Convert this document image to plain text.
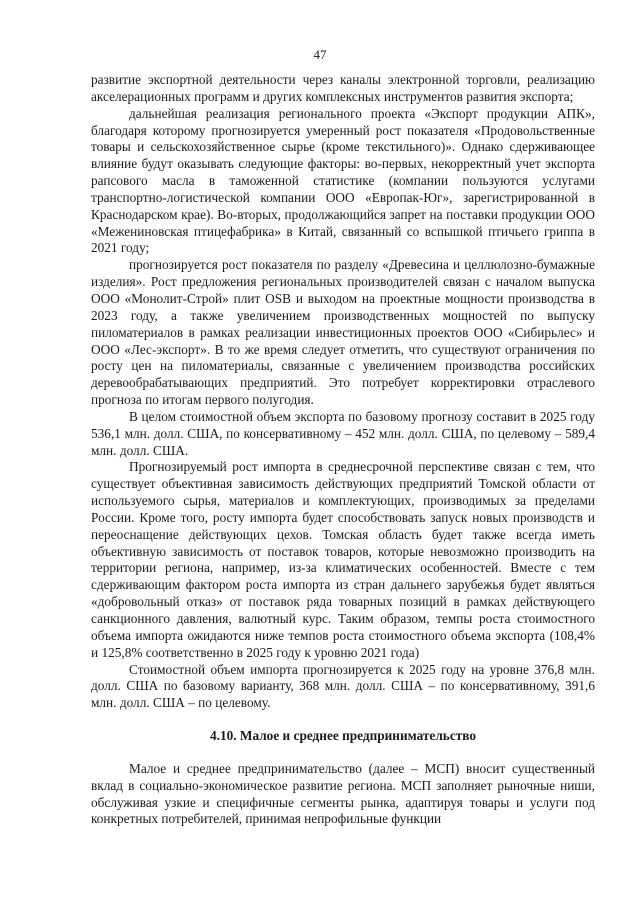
47

развитие экспортной деятельности через каналы электронной торговли, реализацию акселерационных программ и других комплексных инструментов развития экспорта;

дальнейшая реализация регионального проекта «Экспорт продукции АПК», благодаря которому прогнозируется умеренный рост показателя «Продовольственные товары и сельскохозяйственное сырье (кроме текстильного)». Однако сдерживающее влияние будут оказывать следующие факторы: во-первых, некорректный учет экспорта рапсового масла в таможенной статистике (компании пользуются услугами транспортно-логистической компании ООО «Европак-Юг», зарегистрированной в Краснодарском крае). Во-вторых, продолжающийся запрет на поставки продукции ООО «Межениновская птицефабрика» в Китай, связанный со вспышкой птичьего гриппа в 2021 году;

прогнозируется рост показателя по разделу «Древесина и целлюлозно-бумажные изделия». Рост предложения региональных производителей связан с началом выпуска ООО «Монолит-Строй» плит OSB и выходом на проектные мощности производства в 2023 году, а также увеличением производственных мощностей по выпуску пиломатериалов в рамках реализации инвестиционных проектов ООО «Сибирьлес» и ООО «Лес-экспорт». В то же время следует отметить, что существуют ограничения по росту цен на пиломатериалы, связанные с увеличением производства российских деревообрабатывающих предприятий. Это потребует корректировки отраслевого прогноза по итогам первого полугодия.

В целом стоимостной объем экспорта по базовому прогнозу составит в 2025 году 536,1 млн. долл. США, по консервативному – 452 млн. долл. США, по целевому – 589,4 млн. долл. США.

Прогнозируемый рост импорта в среднесрочной перспективе связан с тем, что существует объективная зависимость действующих предприятий Томской области от используемого сырья, материалов и комплектующих, производимых за пределами России. Кроме того, росту импорта будет способствовать запуск новых производств и переоснащение действующих цехов. Томская область будет также всегда иметь объективную зависимость от поставок товаров, которые невозможно производить на территории региона, например, из-за климатических особенностей. Вместе с тем сдерживающим фактором роста импорта из стран дальнего зарубежья будет являться «добровольный отказ» от поставок ряда товарных позиций в рамках действующего санкционного давления, валютный курс. Таким образом, темпы роста стоимостного объема импорта ожидаются ниже темпов роста стоимостного объема экспорта (108,4% и 125,8% соответственно в 2025 году к уровню 2021 года)

Стоимостной объем импорта прогнозируется к 2025 году на уровне 376,8 млн. долл. США по базовому варианту, 368 млн. долл. США – по консервативному, 391,6 млн. долл. США – по целевому.

4.10. Малое и среднее предпринимательство

Малое и среднее предпринимательство (далее – МСП) вносит существенный вклад в социально-экономическое развитие региона. МСП заполняет рыночные ниши, обслуживая узкие и специфичные сегменты рынка, адаптируя товары и услуги под конкретных потребителей, принимая непрофильные функции
